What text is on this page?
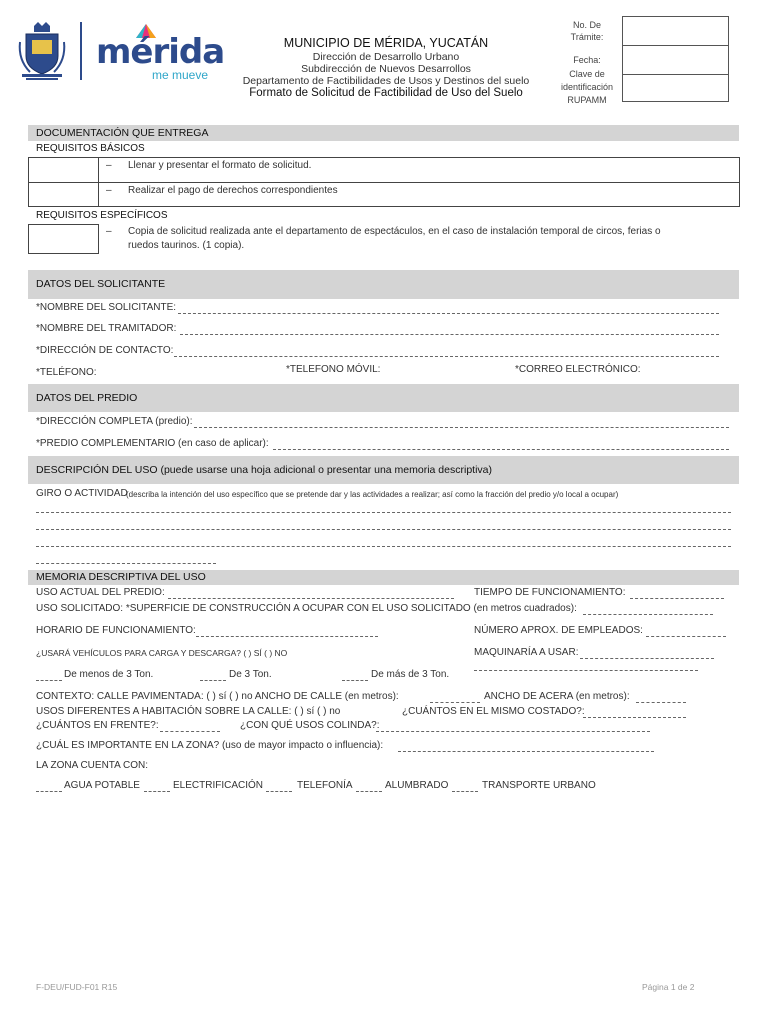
mérida
me mueve
MUNICIPIO DE MÉRIDA, YUCATÁN
Dirección de Desarrollo Urbano
Subdirección de Nuevos Desarrollos
Departamento de Factibilidades de Usos y Destinos del suelo
Formato de Solicitud de Factibilidad de Uso del Suelo
No. De
Trámite:
Fecha:
Clave de
identificación
RUPAMM
DOCUMENTACIÓN QUE ENTREGA
REQUISITOS BÁSICOS
– Llenar y presentar el formato de solicitud.
– Realizar el pago de derechos correspondientes
REQUISITOS ESPECÍFICOS
– Copia de solicitud realizada ante el departamento de espectáculos, en el caso de instalación temporal de circos, ferias o
ruedos taurinos. (1 copia).
DATOS DEL SOLICITANTE
*NOMBRE DEL SOLICITANTE:
*NOMBRE DEL TRAMITADOR:
*DIRECCIÓN DE CONTACTO:
*TELÉFONO:	*TELEFONO MÓVIL:	*CORREO ELECTRÓNICO:
DATOS DEL PREDIO
*DIRECCIÓN COMPLETA (predio):
*PREDIO COMPLEMENTARIO (en caso de aplicar):
DESCRIPCIÓN DEL USO (puede usarse una hoja adicional o presentar una memoria descriptiva)
GIRO O ACTIVIDAD
(describa la intención del uso específico que se pretende dar y las actividades a realizar; así como la fracción del predio y/o local a ocupar)
MEMORIA DESCRIPTIVA DEL USO
USO ACTUAL DEL PREDIO:	TIEMPO DE FUNCIONAMIENTO:
USO SOLICITADO: *SUPERFICIE DE CONSTRUCCIÓN A OCUPAR CON EL USO SOLICITADO (en metros cuadrados):
HORARIO DE FUNCIONAMIENTO:	NÚMERO APROX. DE EMPLEADOS:
¿USARÁ VEHÍCULOS PARA CARGA Y DESCARGA? ( ) SÍ ( ) NO	MAQUINARÍA A USAR:
De menos de 3 Ton.	De 3 Ton.	De más de 3 Ton.
CONTEXTO: CALLE PAVIMENTADA: ( ) sí ( ) no ANCHO DE CALLE (en metros):	ANCHO DE ACERA (en metros):
USOS DIFERENTES A HABITACIÓN SOBRE LA CALLE: ( ) sí ( ) no	¿CUÁNTOS EN EL MISMO COSTADO?:
¿CUÁNTOS EN FRENTE?:	¿CON QUÉ USOS COLINDA?:
¿CUÁL ES IMPORTANTE EN LA ZONA? (uso de mayor impacto o influencia):
LA ZONA CUENTA CON:
AGUA POTABLE	ELECTRIFICACIÓN	TELEFONÍA	ALUMBRADO	TRANSPORTE URBANO
F-DEU/FUD-F01 R15	Página 1 de 2
